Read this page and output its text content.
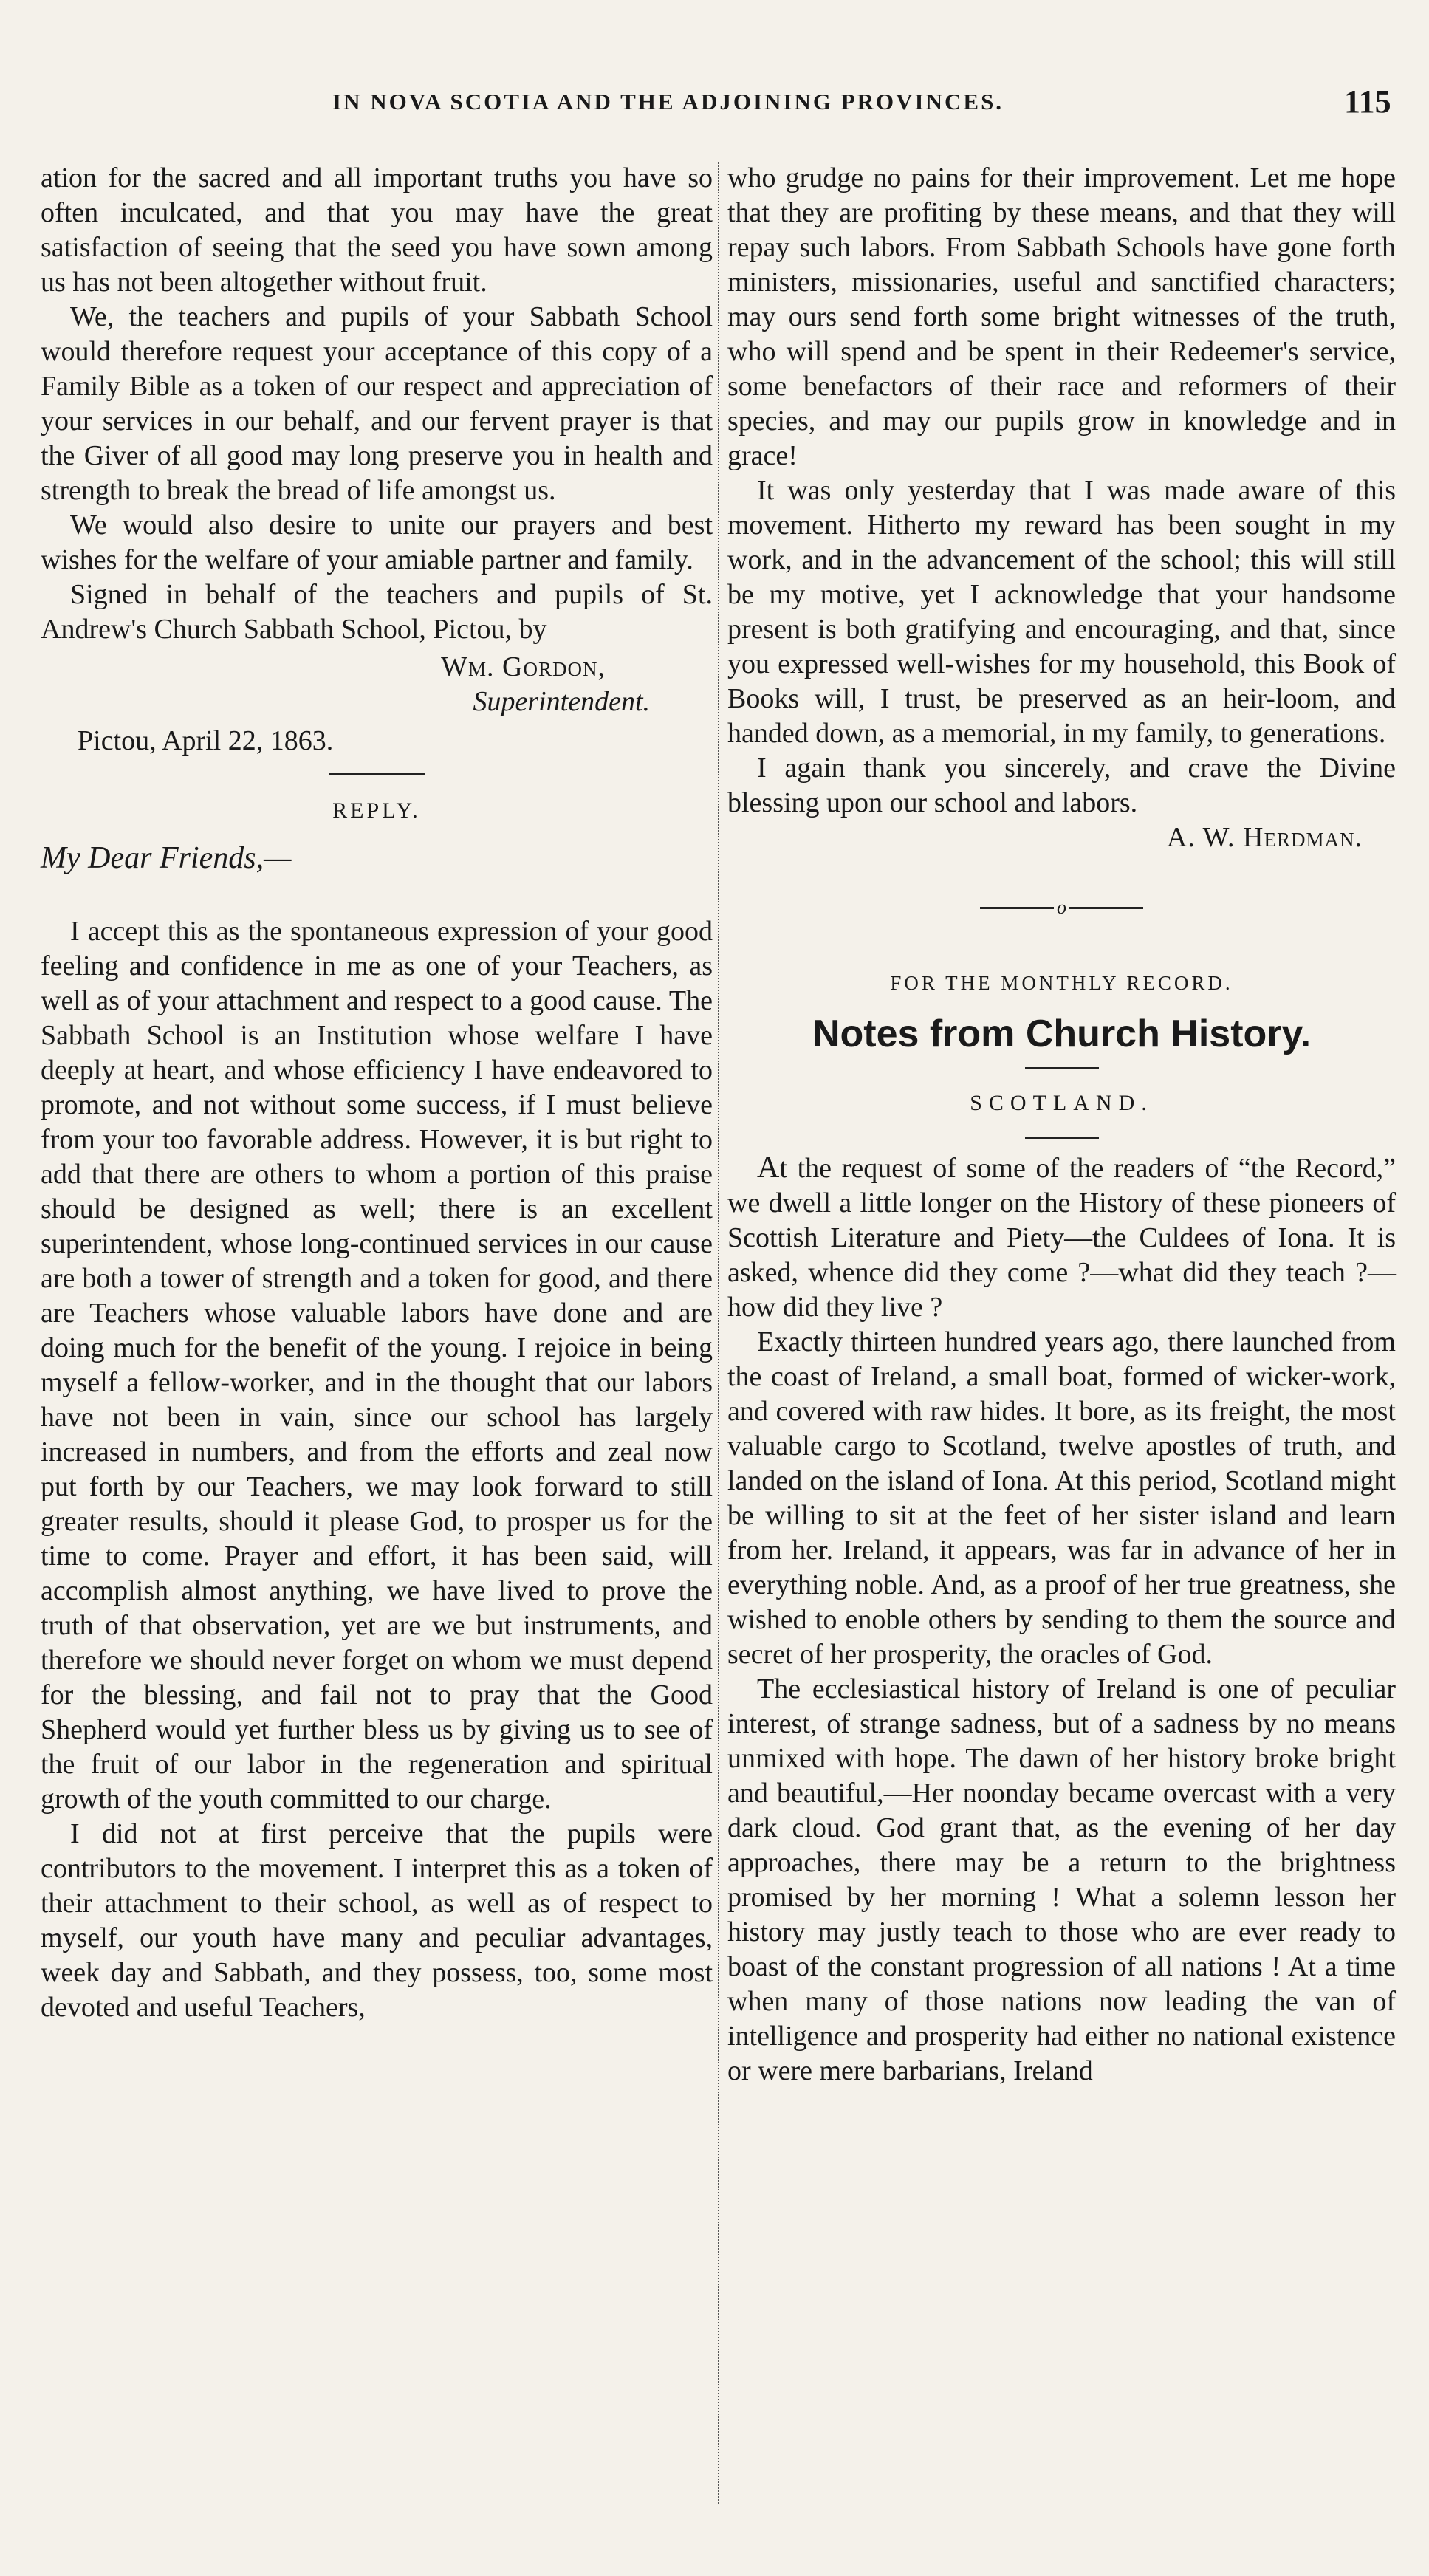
IN NOVA SCOTIA AND THE ADJOINING PROVINCES.	115

ation for the sacred and all important truths you have so often inculcated, and that you may have the great satisfaction of seeing that the seed you have sown among us has not been altogether without fruit.

We, the teachers and pupils of your Sabbath School would therefore request your acceptance of this copy of a Family Bible as a token of our respect and appreciation of your services in our behalf, and our fervent prayer is that the Giver of all good may long preserve you in health and strength to break the bread of life amongst us.

We would also desire to unite our prayers and best wishes for the welfare of your amiable partner and family.

Signed in behalf of the teachers and pupils of St. Andrew's Church Sabbath School, Pictou, by

Wm. Gordon,

Superintendent.

Pictou, April 22, 1863.

REPLY.

My Dear Friends,—

I accept this as the spontaneous expression of your good feeling and confidence in me as one of your Teachers, as well as of your attachment and respect to a good cause. The Sabbath School is an Institution whose welfare I have deeply at heart, and whose efficiency I have endeavored to promote, and not without some success, if I must believe from your too favorable address. However, it is but right to add that there are others to whom a portion of this praise should be designed as well; there is an excellent superintendent, whose long-continued services in our cause are both a tower of strength and a token for good, and there are Teachers whose valuable labors have done and are doing much for the benefit of the young. I rejoice in being myself a fellow-worker, and in the thought that our labors have not been in vain, since our school has largely increased in numbers, and from the efforts and zeal now put forth by our Teachers, we may look forward to still greater results, should it please God, to prosper us for the time to come. Prayer and effort, it has been said, will accomplish almost anything, we have lived to prove the truth of that observation, yet are we but instruments, and therefore we should never forget on whom we must depend for the blessing, and fail not to pray that the Good Shepherd would yet further bless us by giving us to see of the fruit of our labor in the regeneration and spiritual growth of the youth committed to our charge.

I did not at first perceive that the pupils were contributors to the movement. I interpret this as a token of their attachment to their school, as well as of respect to myself, our youth have many and peculiar advantages, week day and Sabbath, and they possess, too, some most devoted and useful Teachers,

who grudge no pains for their improvement. Let me hope that they are profiting by these means, and that they will repay such labors. From Sabbath Schools have gone forth ministers, missionaries, useful and sanctified characters; may ours send forth some bright witnesses of the truth, who will spend and be spent in their Redeemer's service, some benefactors of their race and reformers of their species, and may our pupils grow in knowledge and in grace!

It was only yesterday that I was made aware of this movement. Hitherto my reward has been sought in my work, and in the advancement of the school; this will still be my motive, yet I acknowledge that your handsome present is both gratifying and encouraging, and that, since you expressed well-wishes for my household, this Book of Books will, I trust, be preserved as an heir-loom, and handed down, as a memorial, in my family, to generations.

I again thank you sincerely, and crave the Divine blessing upon our school and labors.

A. W. Herdman.

o

FOR THE MONTHLY RECORD.

Notes from Church History.

SCOTLAND.

At the request of some of the readers of “the Record,” we dwell a little longer on the History of these pioneers of Scottish Literature and Piety—the Culdees of Iona. It is asked, whence did they come ?—what did they teach ?—how did they live ?

Exactly thirteen hundred years ago, there launched from the coast of Ireland, a small boat, formed of wicker-work, and covered with raw hides. It bore, as its freight, the most valuable cargo to Scotland, twelve apostles of truth, and landed on the island of Iona. At this period, Scotland might be willing to sit at the feet of her sister island and learn from her. Ireland, it appears, was far in advance of her in everything noble. And, as a proof of her true greatness, she wished to enoble others by sending to them the source and secret of her prosperity, the oracles of God.

The ecclesiastical history of Ireland is one of peculiar interest, of strange sadness, but of a sadness by no means unmixed with hope. The dawn of her history broke bright and beautiful,—Her noonday became overcast with a very dark cloud. God grant that, as the evening of her day approaches, there may be a return to the brightness promised by her morning ! What a solemn lesson her history may justly teach to those who are ever ready to boast of the constant progression of all nations ! At a time when many of those nations now leading the van of intelligence and prosperity had either no national existence or were mere barbarians, Ireland
